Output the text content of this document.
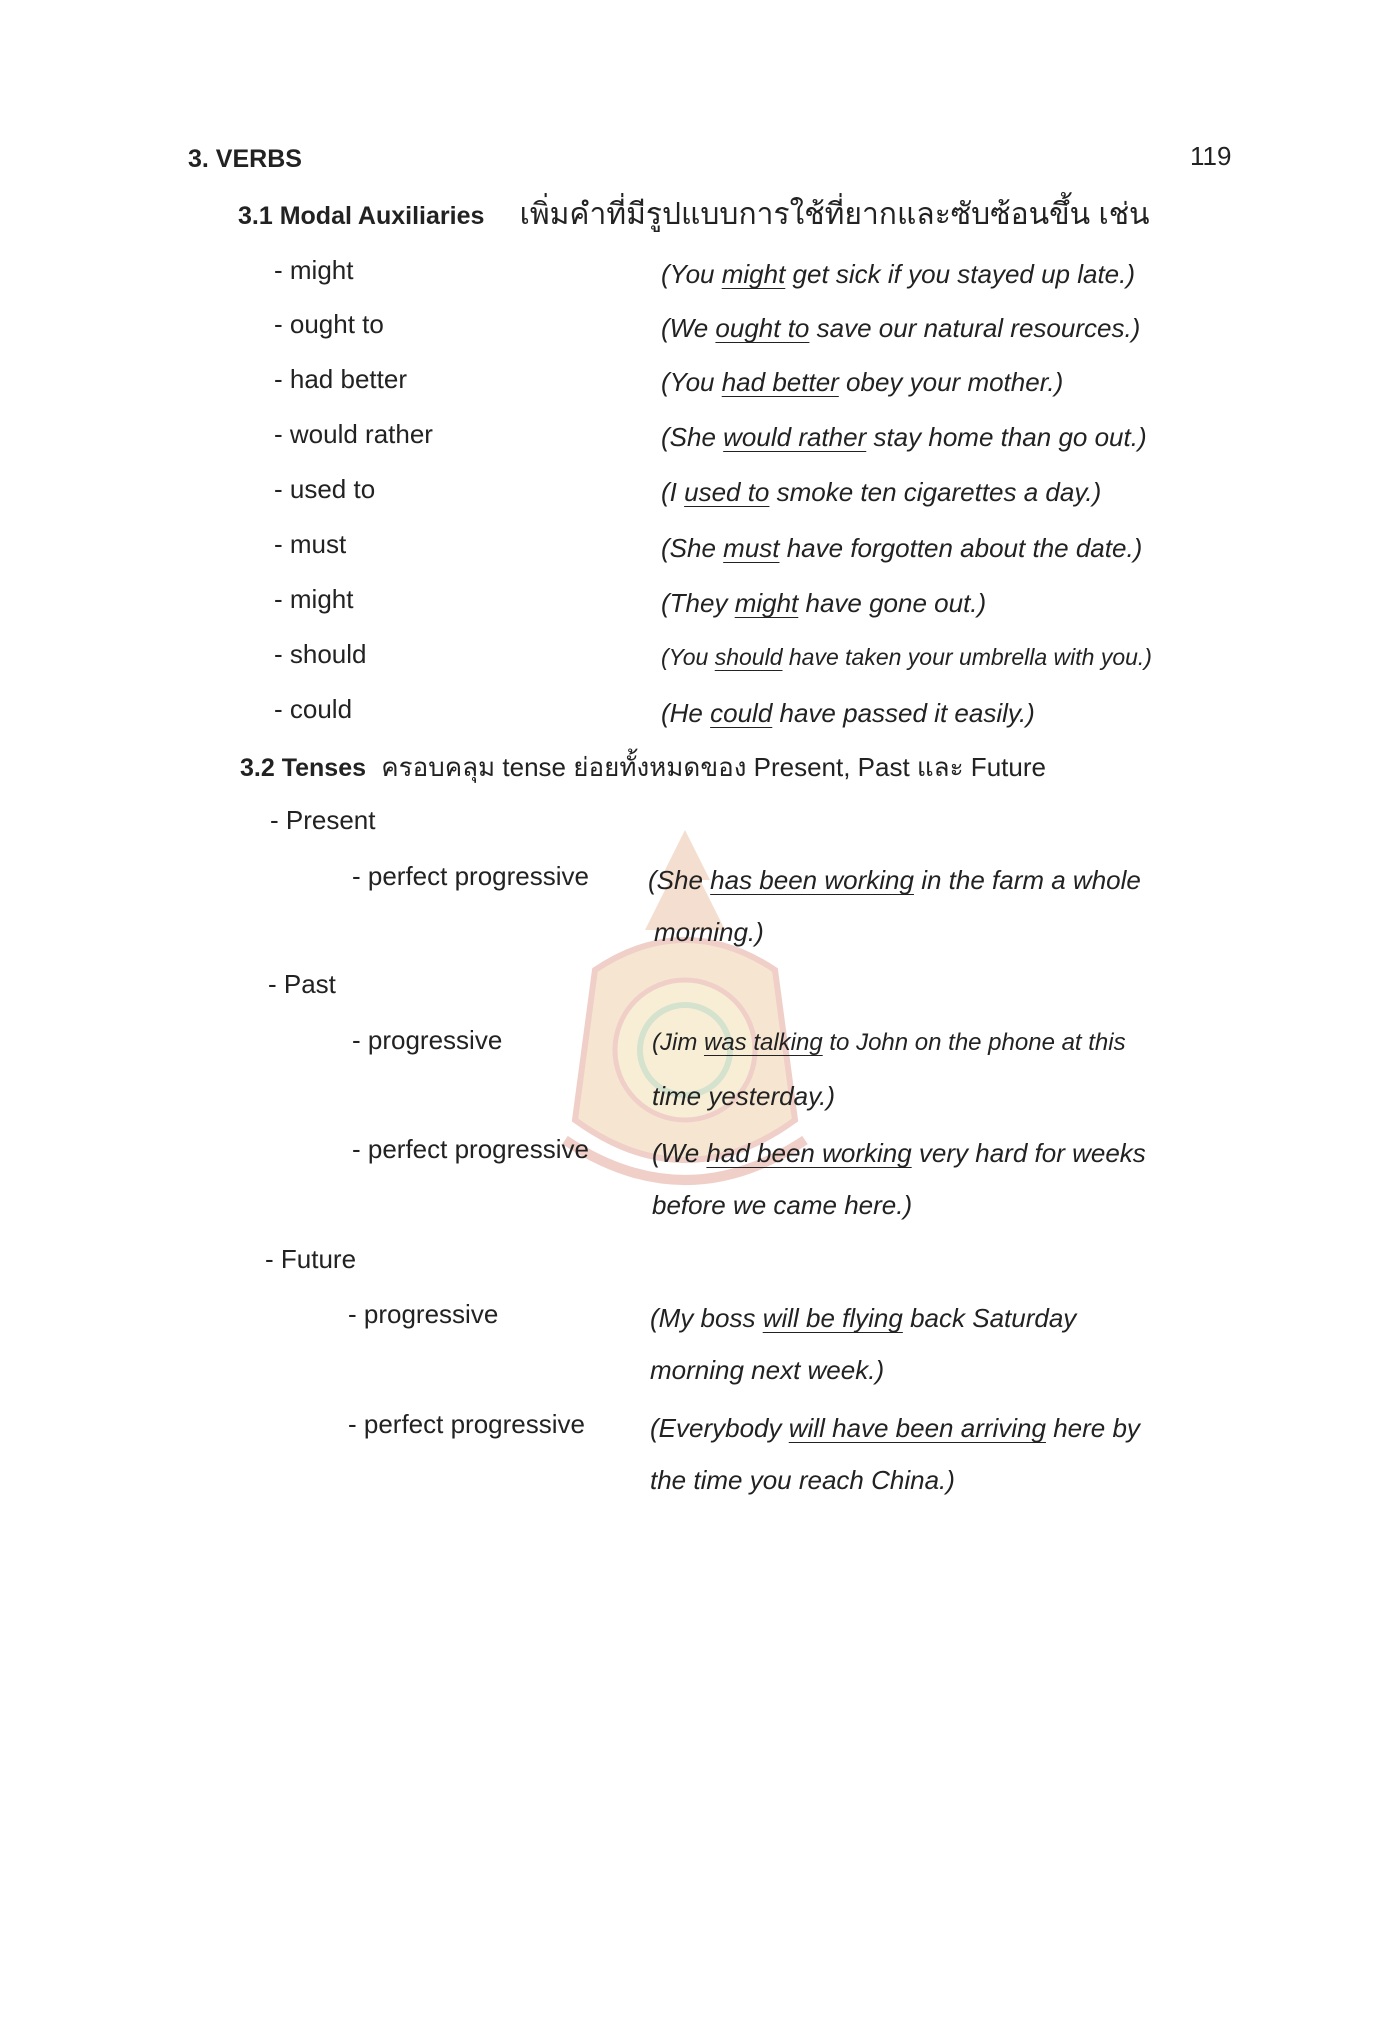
119
3. VERBS
3.1 Modal Auxiliaries เพิ่มคำที่มีรูปแบบการใช้ที่ยากและซับซ้อนขึ้น เช่น
- might	(You might get sick if you stayed up late.)
- ought to	(We ought to save our natural resources.)
- had better	(You had better obey your mother.)
- would rather	(She would rather stay home than go out.)
- used to	(I used to smoke ten cigarettes a day.)
- must	(She must have forgotten about the date.)
- might	(They might have gone out.)
- should	(You should have taken your umbrella with you.)
- could	(He could have passed it easily.)
3.2 Tenses ครอบคลุม tense ย่อยทั้งหมดของ Present, Past และ Future
- Present
- perfect progressive (She has been working in the farm a whole
morning.)
- Past
- progressive	(Jim was talking to John on the phone at this
time yesterday.)
- perfect progressive (We had been working very hard for weeks
before we came here.)
- Future
- progressive	(My boss will be flying back Saturday
morning next week.)
- perfect progressive	(Everybody will have been arriving here by
the time you reach China.)
